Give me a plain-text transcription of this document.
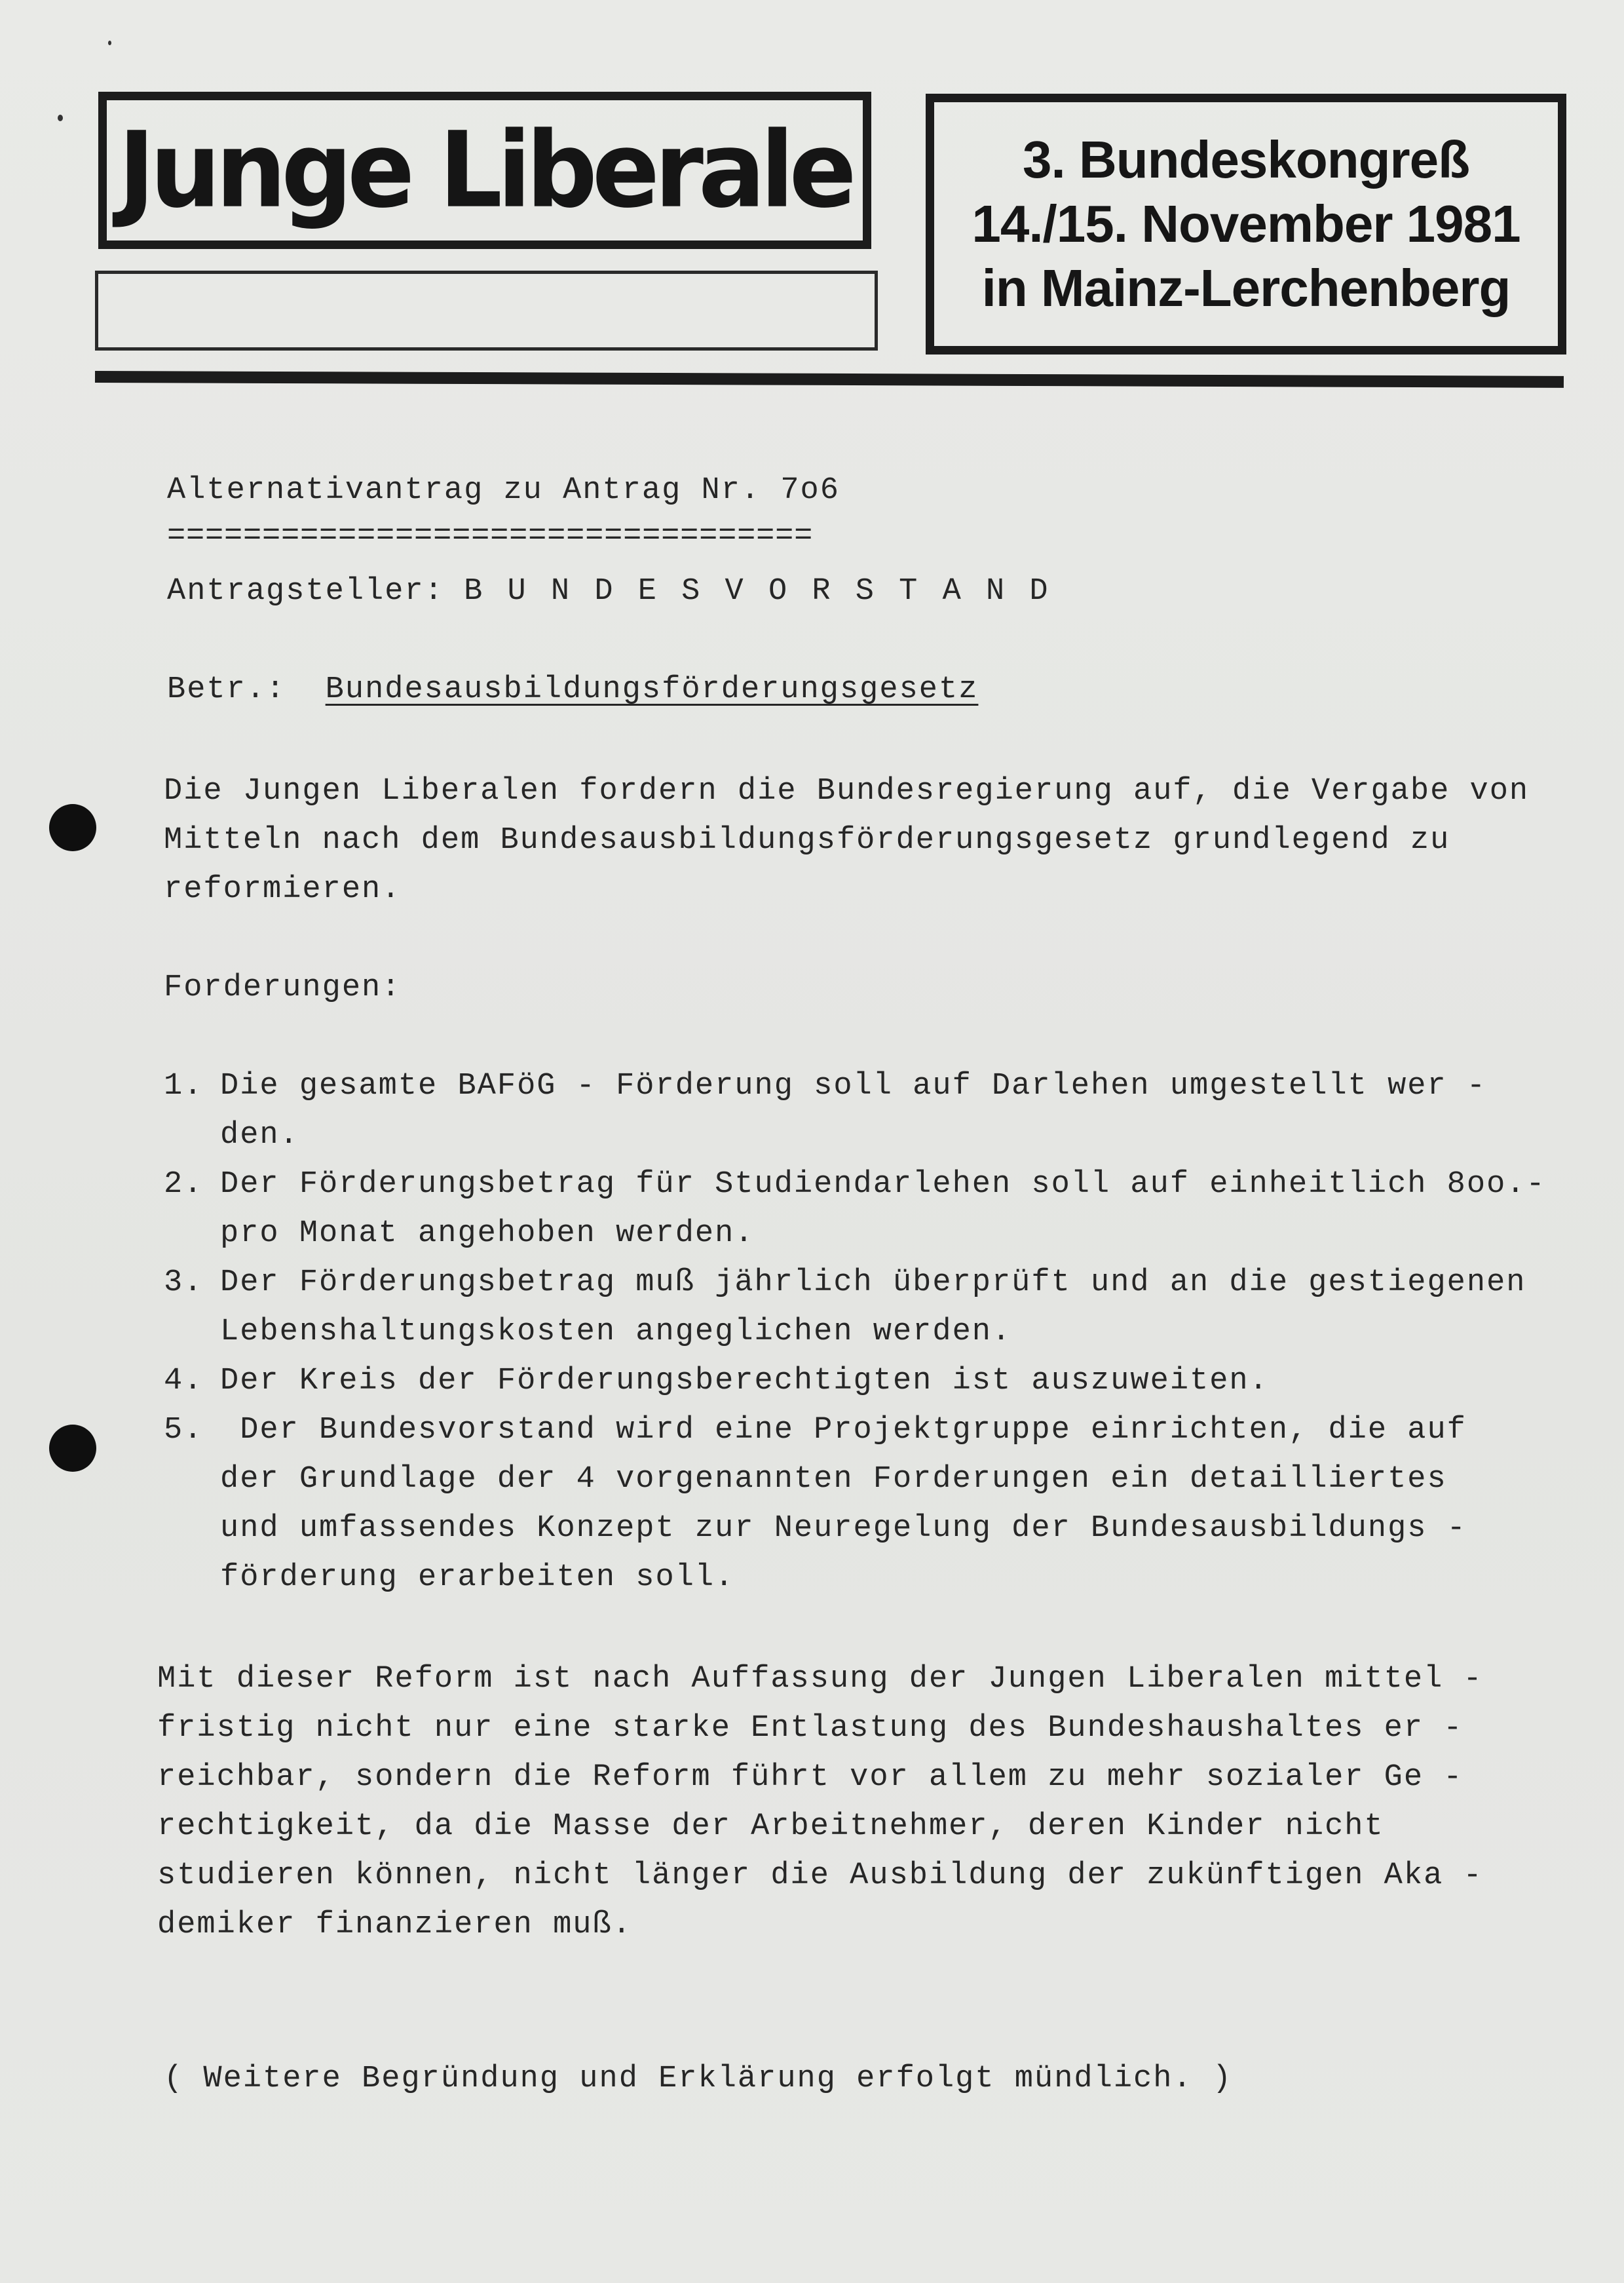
Junge Liberale	3. Bundeskongreß
14./15. November 1981
in Mainz-Lerchenberg
Alternativantrag zu Antrag Nr. 7o6
==================================
Antragsteller: B U N D E S V O R S T A N D
Betr.: Bundesausbildungsförderungsgesetz
Die Jungen Liberalen fordern die Bundesregierung auf, die Vergabe von
Mitteln nach dem Bundesausbildungsförderungsgesetz grundlegend zu
reformieren.
Forderungen:
1. Die gesamte BAFöG - Förderung soll auf Darlehen umgestellt wer -
den.
2. Der Förderungsbetrag für Studiendarlehen soll auf einheitlich 8oo.-
pro Monat angehoben werden.
3. Der Förderungsbetrag muß jährlich überprüft und an die gestiegenen
Lebenshaltungskosten angeglichen werden.
4. Der Kreis der Förderungsberechtigten ist auszuweiten.
5. Der Bundesvorstand wird eine Projektgruppe einrichten, die auf
der Grundlage der 4 vorgenannten Forderungen ein detailliertes
und umfassendes Konzept zur Neuregelung der Bundesausbildungs -
förderung erarbeiten soll.
Mit dieser Reform ist nach Auffassung der Jungen Liberalen mittel -
fristig nicht nur eine starke Entlastung des Bundeshaushaltes er -
reichbar, sondern die Reform führt vor allem zu mehr sozialer Ge -
rechtigkeit, da die Masse der Arbeitnehmer, deren Kinder nicht
studieren können, nicht länger die Ausbildung der zukünftigen Aka -
demiker finanzieren muß.
( Weitere Begründung und Erklärung erfolgt mündlich. )
